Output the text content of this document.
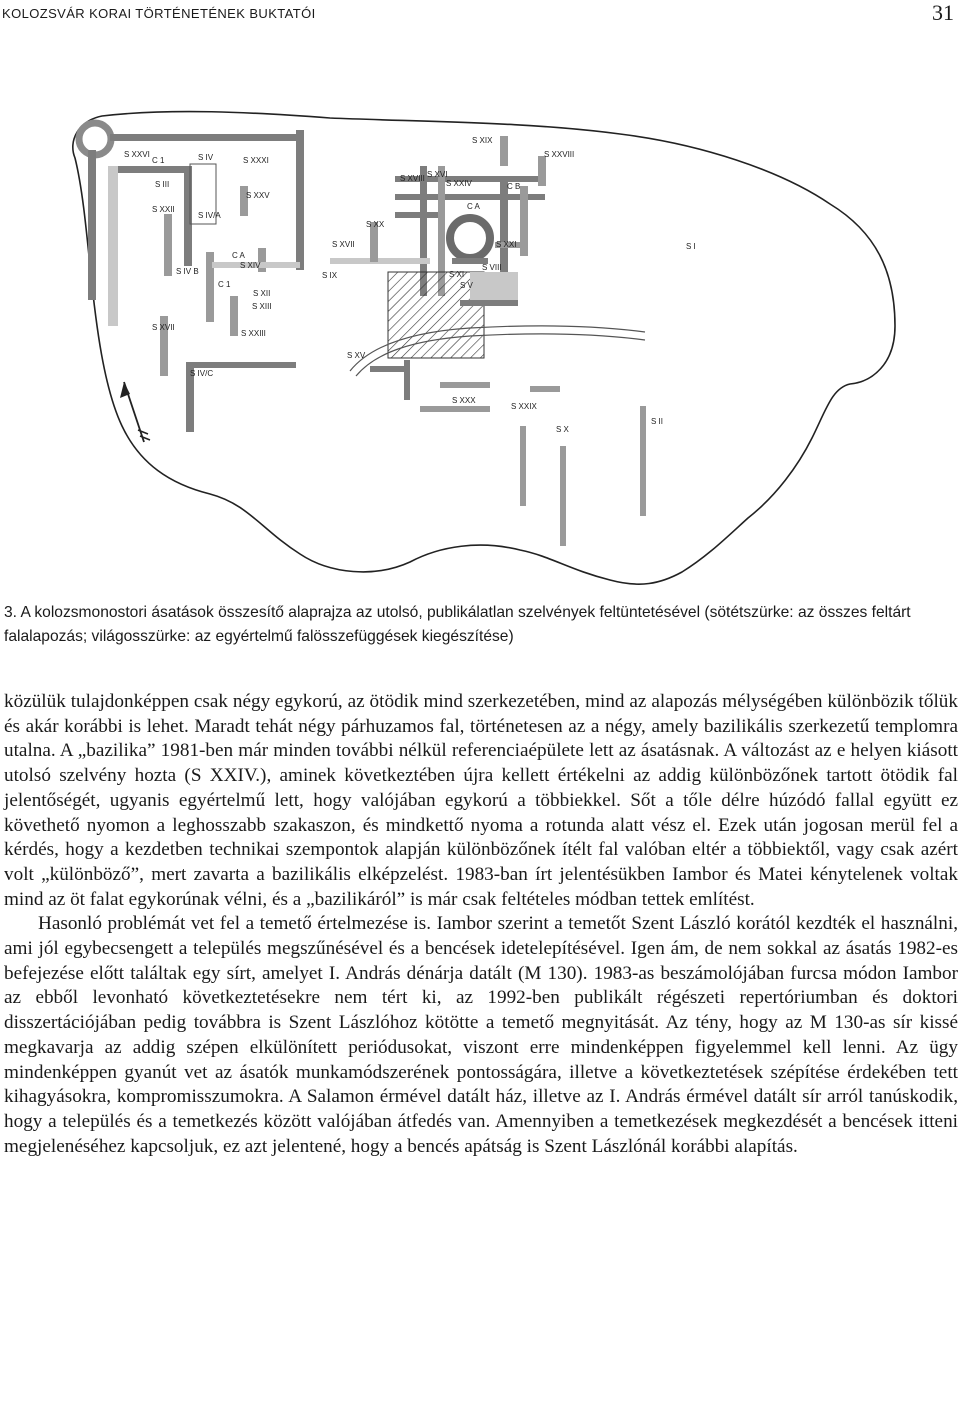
KOLOZSVÁR KORAI TÖRTÉNETÉNEK BUKTATÓI	31
S XXVI
C 1	S IV	S XXXI
S XIX
S XXVIII
S III
S XXV
S XVIII S XVI
S XXIV	C B
S XXII
S IV/A
S XX
C A
S XXI
S XVII
C A
S XIV
S IX	S XI
S VIII
S V
S I
S IV B
C 1
S XII
S XIII
S XVII
S XXIII
S XV
S IV/C
S XXX
S XXIX
S X
S II
3. A kolozsmonostori ásatások összesítő alaprajza az utolsó, publikálatlan szelvények feltüntetésével (sötétszürke: az összes feltárt falalapozás; világosszürke: az egyértelmű falösszefüggések kiegészítése)

közülük tulajdonképpen csak négy egykorú, az ötödik mind szerkezetében, mind az alapozás mélységében különbözik tőlük és akár korábbi is lehet. Maradt tehát négy párhuzamos fal, történetesen az a négy, amely bazilikális szerkezetű templomra utalna. A „bazilika” 1981-ben már minden további nélkül referenciaépülete lett az ásatásnak. A változást az e helyen kiásott utolsó szelvény hozta (S XXIV.), aminek következtében újra kellett értékelni az addig különbözőnek tartott ötödik fal jelentőségét, ugyanis egyértelmű lett, hogy valójában egykorú a többiekkel. Sőt a tőle délre húzódó fallal együtt ez követhető nyomon a leghosszabb szakaszon, és mindkettő nyoma a rotunda alatt vész el. Ezek után jogosan merül fel a kérdés, hogy a kezdetben technikai szempontok alapján különbözőnek ítélt fal valóban eltér a többiektől, vagy csak azért volt „különböző”, mert zavarta a bazilikális elképzelést. 1983-ban írt jelentésükben Iambor és Matei kénytelenek voltak mind az öt falat egykorúnak vélni, és a „bazilikáról” is már csak feltételes módban tettek említést.

Hasonló problémát vet fel a temető értelmezése is. Iambor szerint a temetőt Szent László korától kezdték el használni, ami jól egybecsengett a település megszűnésével és a bencések idetelepítésével. Igen ám, de nem sokkal az ásatás 1982-es befejezése előtt találtak egy sírt, amelyet I. András dénárja datált (M 130). 1983-as beszámolójában furcsa módon Iambor az ebből levonható következtetésekre nem tért ki, az 1992-ben publikált régészeti repertóriumban és doktori disszertációjában pedig továbbra is Szent Lászlóhoz kötötte a temető megnyitását. Az tény, hogy az M 130-as sír kissé megkavarja az addig szépen elkülönített periódusokat, viszont erre mindenképpen figyelemmel kell lenni. Az ügy mindenképpen gyanút vet az ásatók munkamódszerének pontosságára, illetve a következtetések szépítése érdekében tett kihagyásokra, kompromisszumokra. A Salamon érmével datált ház, illetve az I. András érmével datált sír arról tanúskodik, hogy a település és a temetkezés között valójában átfedés van. Amennyiben a temetkezések megkezdését a bencések itteni megjelenéséhez kapcsoljuk, ez azt jelentené, hogy a bencés apátság is Szent Lászlónál korábbi alapítás.
